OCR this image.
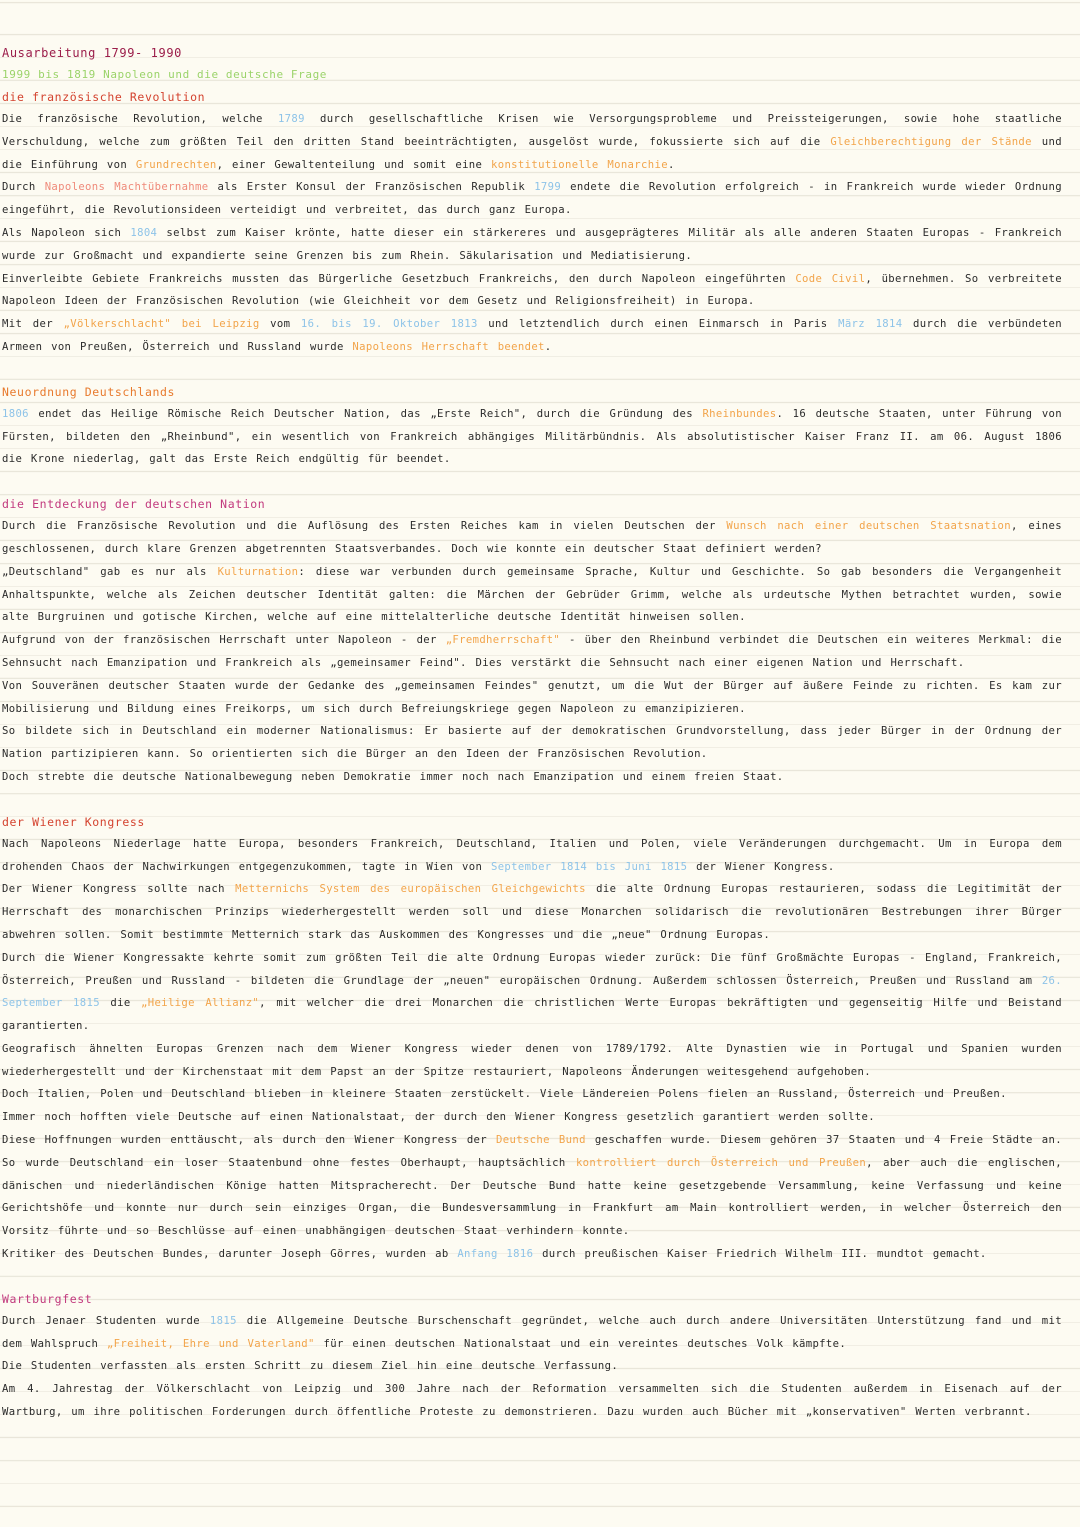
Ausarbeitung 1799- 1990
1999 bis 1819 Napoleon und die deutsche Frage
die französische Revolution

Die französische Revolution, welche 1789 durch gesellschaftliche Krisen wie Versorgungsprobleme und Preissteigerungen, sowie hohe staatliche Verschuldung, welche zum größten Teil den dritten Stand beeinträchtigten, ausgelöst wurde, fokussierte sich auf die Gleichberechtigung der Stände und die Einführung von Grundrechten, einer Gewaltenteilung und somit eine konstitutionelle Monarchie.

Durch Napoleons Machtübernahme als Erster Konsul der Französischen Republik 1799 endete die Revolution erfolgreich - in Frankreich wurde wieder Ordnung eingeführt, die Revolutionsideen verteidigt und verbreitet, das durch ganz Europa.

Als Napoleon sich 1804 selbst zum Kaiser krönte, hatte dieser ein stärkereres und ausgeprägteres Militär als alle anderen Staaten Europas - Frankreich wurde zur Großmacht und expandierte seine Grenzen bis zum Rhein. Säkularisation und Mediatisierung.

Einverleibte Gebiete Frankreichs mussten das Bürgerliche Gesetzbuch Frankreichs, den durch Napoleon eingeführten Code Civil, übernehmen. So verbreitete Napoleon Ideen der Französischen Revolution (wie Gleichheit vor dem Gesetz und Religionsfreiheit) in Europa.

Mit der „Völkerschlacht" bei Leipzig vom 16. bis 19. Oktober 1813 und letztendlich durch einen Einmarsch in Paris März 1814 durch die verbündeten Armeen von Preußen, Österreich und Russland wurde Napoleons Herrschaft beendet.

Neuordnung Deutschlands

1806 endet das Heilige Römische Reich Deutscher Nation, das „Erste Reich", durch die Gründung des Rheinbundes. 16 deutsche Staaten, unter Führung von Fürsten, bildeten den „Rheinbund", ein wesentlich von Frankreich abhängiges Militärbündnis. Als absolutistischer Kaiser Franz II. am 06. August 1806 die Krone niederlag, galt das Erste Reich endgültig für beendet.

die Entdeckung der deutschen Nation

Durch die Französische Revolution und die Auflösung des Ersten Reiches kam in vielen Deutschen der Wunsch nach einer deutschen Staatsnation, eines geschlossenen, durch klare Grenzen abgetrennten Staatsverbandes. Doch wie konnte ein deutscher Staat definiert werden?

„Deutschland" gab es nur als Kulturnation: diese war verbunden durch gemeinsame Sprache, Kultur und Geschichte. So gab besonders die Vergangenheit Anhaltspunkte, welche als Zeichen deutscher Identität galten: die Märchen der Gebrüder Grimm, welche als urdeutsche Mythen betrachtet wurden, sowie alte Burgruinen und gotische Kirchen, welche auf eine mittelalterliche deutsche Identität hinweisen sollen.

Aufgrund von der französischen Herrschaft unter Napoleon - der „Fremdherrschaft" - über den Rheinbund verbindet die Deutschen ein weiteres Merkmal: die Sehnsucht nach Emanzipation und Frankreich als „gemeinsamer Feind". Dies verstärkt die Sehnsucht nach einer eigenen Nation und Herrschaft.

Von Souveränen deutscher Staaten wurde der Gedanke des „gemeinsamen Feindes" genutzt, um die Wut der Bürger auf äußere Feinde zu richten. Es kam zur Mobilisierung und Bildung eines Freikorps, um sich durch Befreiungskriege gegen Napoleon zu emanzipizieren.

So bildete sich in Deutschland ein moderner Nationalismus: Er basierte auf der demokratischen Grundvorstellung, dass jeder Bürger in der Ordnung der Nation partizipieren kann. So orientierten sich die Bürger an den Ideen der Französischen Revolution.

Doch strebte die deutsche Nationalbewegung neben Demokratie immer noch nach Emanzipation und einem freien Staat.

der Wiener Kongress

Nach Napoleons Niederlage hatte Europa, besonders Frankreich, Deutschland, Italien und Polen, viele Veränderungen durchgemacht. Um in Europa dem drohenden Chaos der Nachwirkungen entgegenzukommen, tagte in Wien von September 1814 bis Juni 1815 der Wiener Kongress.

Der Wiener Kongress sollte nach Metternichs System des europäischen Gleichgewichts die alte Ordnung Europas restaurieren, sodass die Legitimität der Herrschaft des monarchischen Prinzips wiederhergestellt werden soll und diese Monarchen solidarisch die revolutionären Bestrebungen ihrer Bürger abwehren sollen. Somit bestimmte Metternich stark das Auskommen des Kongresses und die „neue" Ordnung Europas.

Durch die Wiener Kongressakte kehrte somit zum größten Teil die alte Ordnung Europas wieder zurück: Die fünf Großmächte Europas - England, Frankreich, Österreich, Preußen und Russland - bildeten die Grundlage der „neuen" europäischen Ordnung. Außerdem schlossen Österreich, Preußen und Russland am 26. September 1815 die „Heilige Allianz", mit welcher die drei Monarchen die christlichen Werte Europas bekräftigten und gegenseitig Hilfe und Beistand garantierten.

Geografisch ähnelten Europas Grenzen nach dem Wiener Kongress wieder denen von 1789/1792. Alte Dynastien wie in Portugal und Spanien wurden wiederhergestellt und der Kirchenstaat mit dem Papst an der Spitze restauriert, Napoleons Änderungen weitesgehend aufgehoben.

Doch Italien, Polen und Deutschland blieben in kleinere Staaten zerstückelt. Viele Ländereien Polens fielen an Russland, Österreich und Preußen.

Immer noch hofften viele Deutsche auf einen Nationalstaat, der durch den Wiener Kongress gesetzlich garantiert werden sollte.

Diese Hoffnungen wurden enttäuscht, als durch den Wiener Kongress der Deutsche Bund geschaffen wurde. Diesem gehören 37 Staaten und 4 Freie Städte an. So wurde Deutschland ein loser Staatenbund ohne festes Oberhaupt, hauptsächlich kontrolliert durch Österreich und Preußen, aber auch die englischen, dänischen und niederländischen Könige hatten Mitspracherecht. Der Deutsche Bund hatte keine gesetzgebende Versammlung, keine Verfassung und keine Gerichtshöfe und konnte nur durch sein einziges Organ, die Bundesversammlung in Frankfurt am Main kontrolliert werden, in welcher Österreich den Vorsitz führte und so Beschlüsse auf einen unabhängigen deutschen Staat verhindern konnte.

Kritiker des Deutschen Bundes, darunter Joseph Görres, wurden ab Anfang 1816 durch preußischen Kaiser Friedrich Wilhelm III. mundtot gemacht.

Wartburgfest

Durch Jenaer Studenten wurde 1815 die Allgemeine Deutsche Burschenschaft gegründet, welche auch durch andere Universitäten Unterstützung fand und mit dem Wahlspruch „Freiheit, Ehre und Vaterland" für einen deutschen Nationalstaat und ein vereintes deutsches Volk kämpfte.

Die Studenten verfassten als ersten Schritt zu diesem Ziel hin eine deutsche Verfassung.

Am 4. Jahrestag der Völkerschlacht von Leipzig und 300 Jahre nach der Reformation versammelten sich die Studenten außerdem in Eisenach auf der Wartburg, um ihre politischen Forderungen durch öffentliche Proteste zu demonstrieren. Dazu wurden auch Bücher mit „konservativen" Werten verbrannt.
